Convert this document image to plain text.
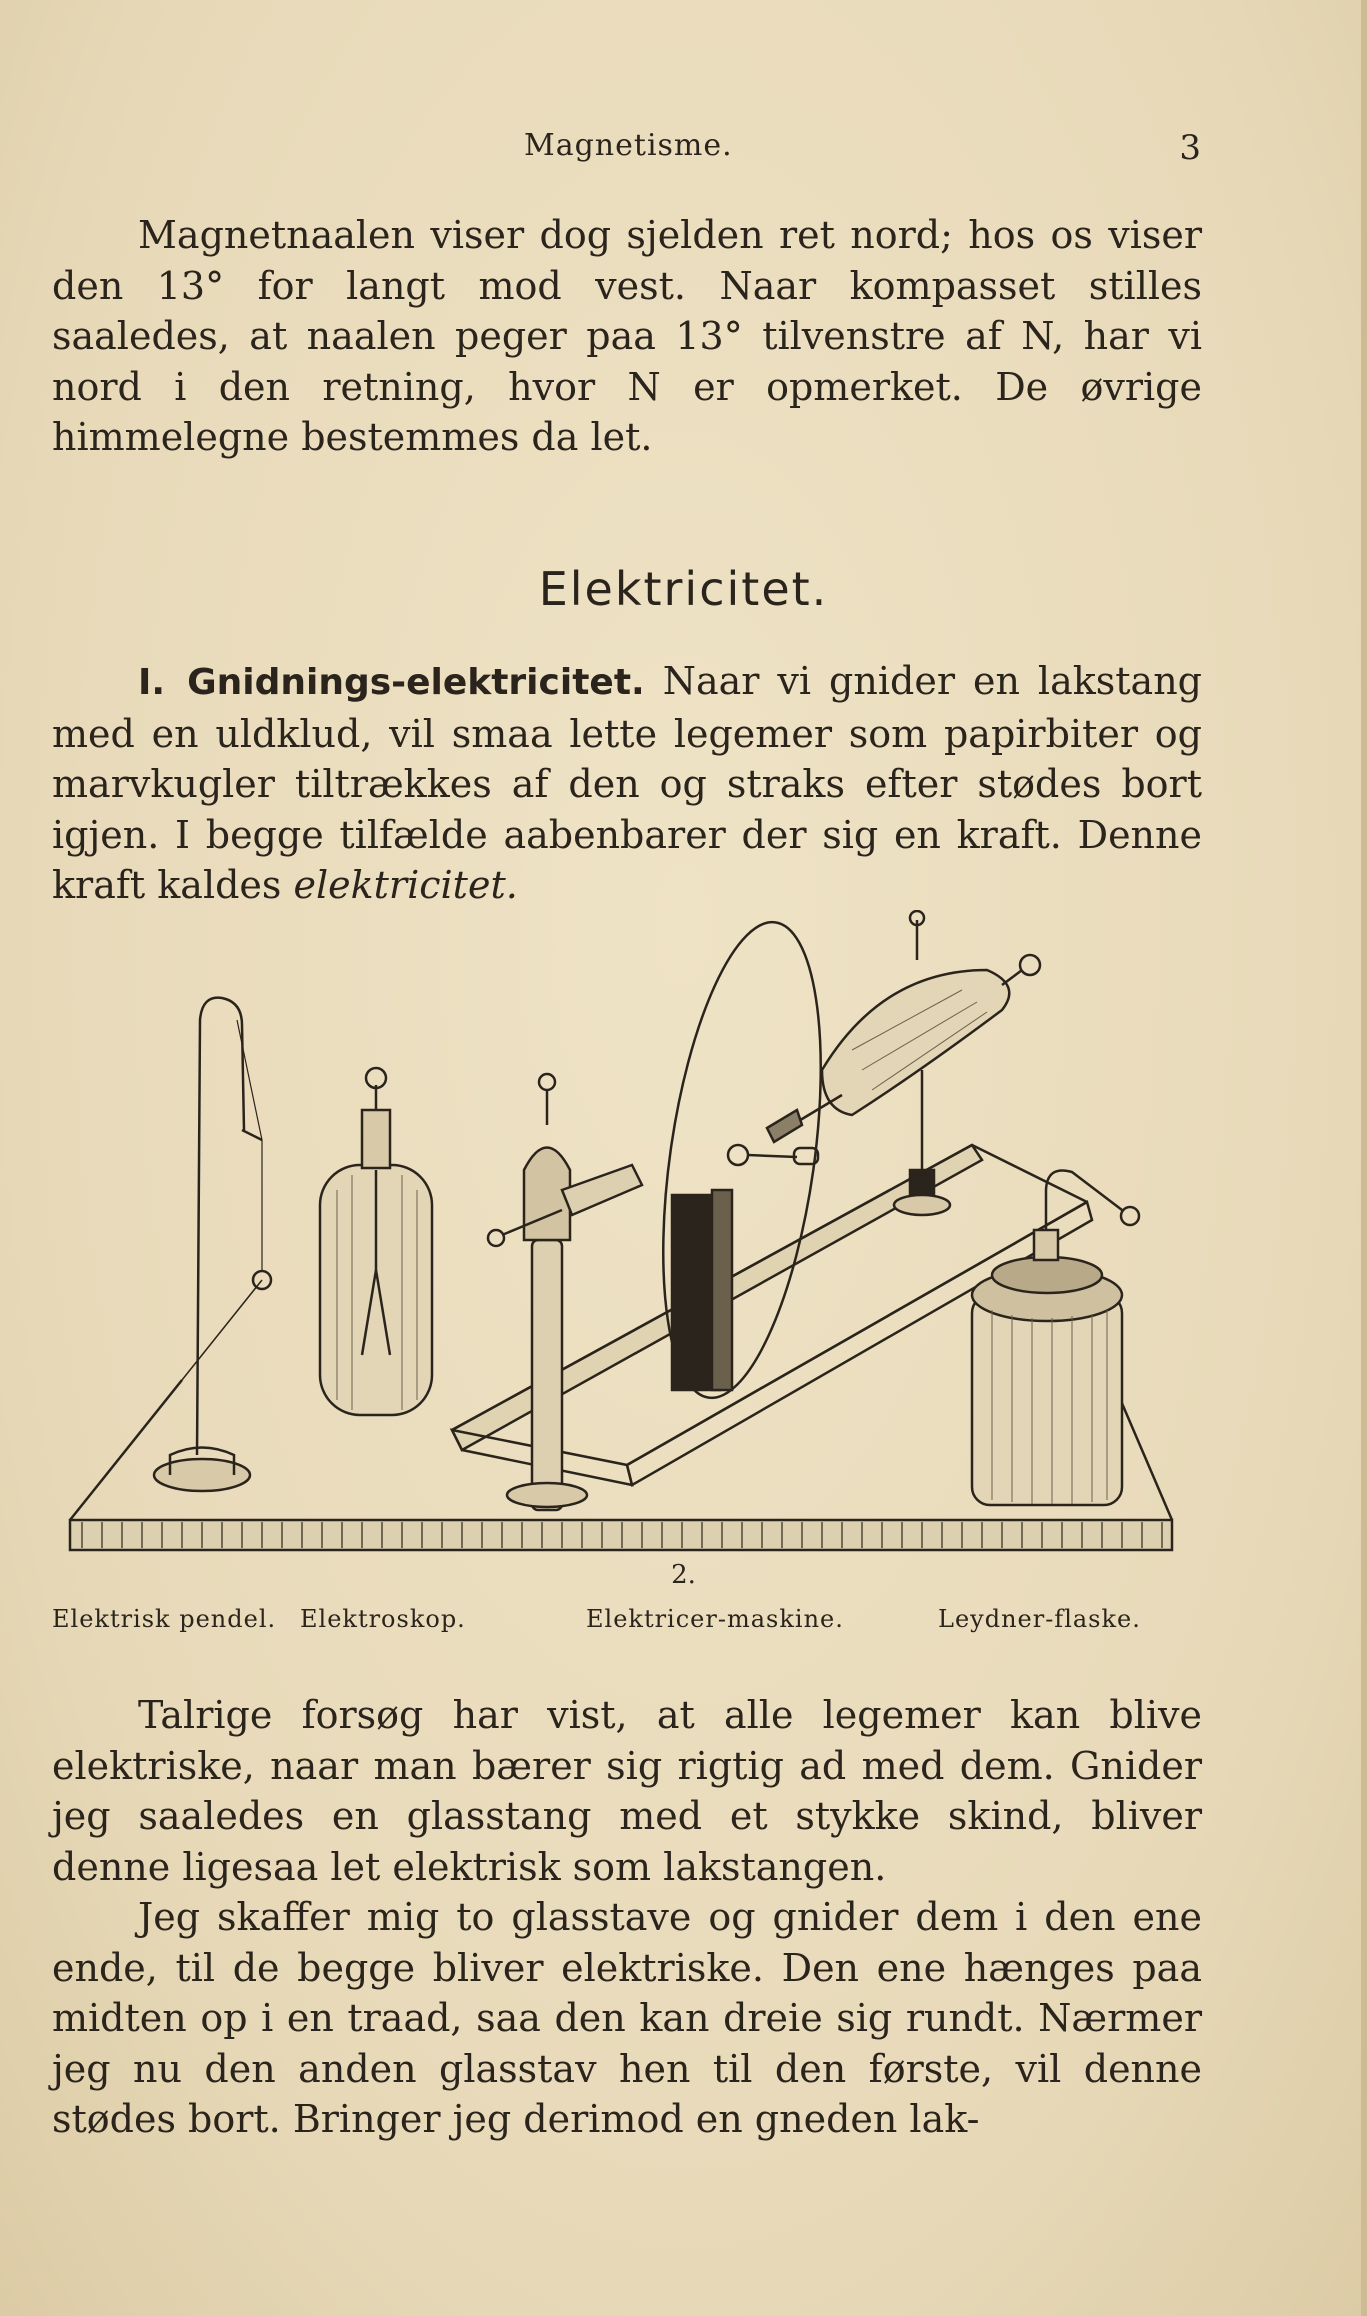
Magnetisme.	3

Magnetnaalen viser dog sjelden ret nord; hos os viser den 13° for langt mod vest. Naar kompasset stilles saaledes, at naalen peger paa 13° tilvenstre af N, har vi nord i den retning, hvor N er opmerket. De øvrige himmelegne bestemmes da let.

Elektricitet.

I. Gnidnings-elektricitet. Naar vi gnider en lakstang med en uldklud, vil smaa lette legemer som papirbiter og marvkugler tiltrækkes af den og straks efter stødes bort igjen. I begge tilfælde aabenbarer der sig en kraft. Denne kraft kaldes elektricitet.

2.
Elektrisk pendel. Elektroskop.	Elektricer-maskine.	Leydner-flaske.

Talrige forsøg har vist, at alle legemer kan blive elektriske, naar man bærer sig rigtig ad med dem. Gnider jeg saaledes en glasstang med et stykke skind, bliver denne ligesaa let elektrisk som lakstangen.

Jeg skaffer mig to glasstave og gnider dem i den ene ende, til de begge bliver elektriske. Den ene hænges paa midten op i en traad, saa den kan dreie sig rundt. Nærmer jeg nu den anden glasstav hen til den første, vil denne stødes bort. Bringer jeg derimod en gneden lak-
